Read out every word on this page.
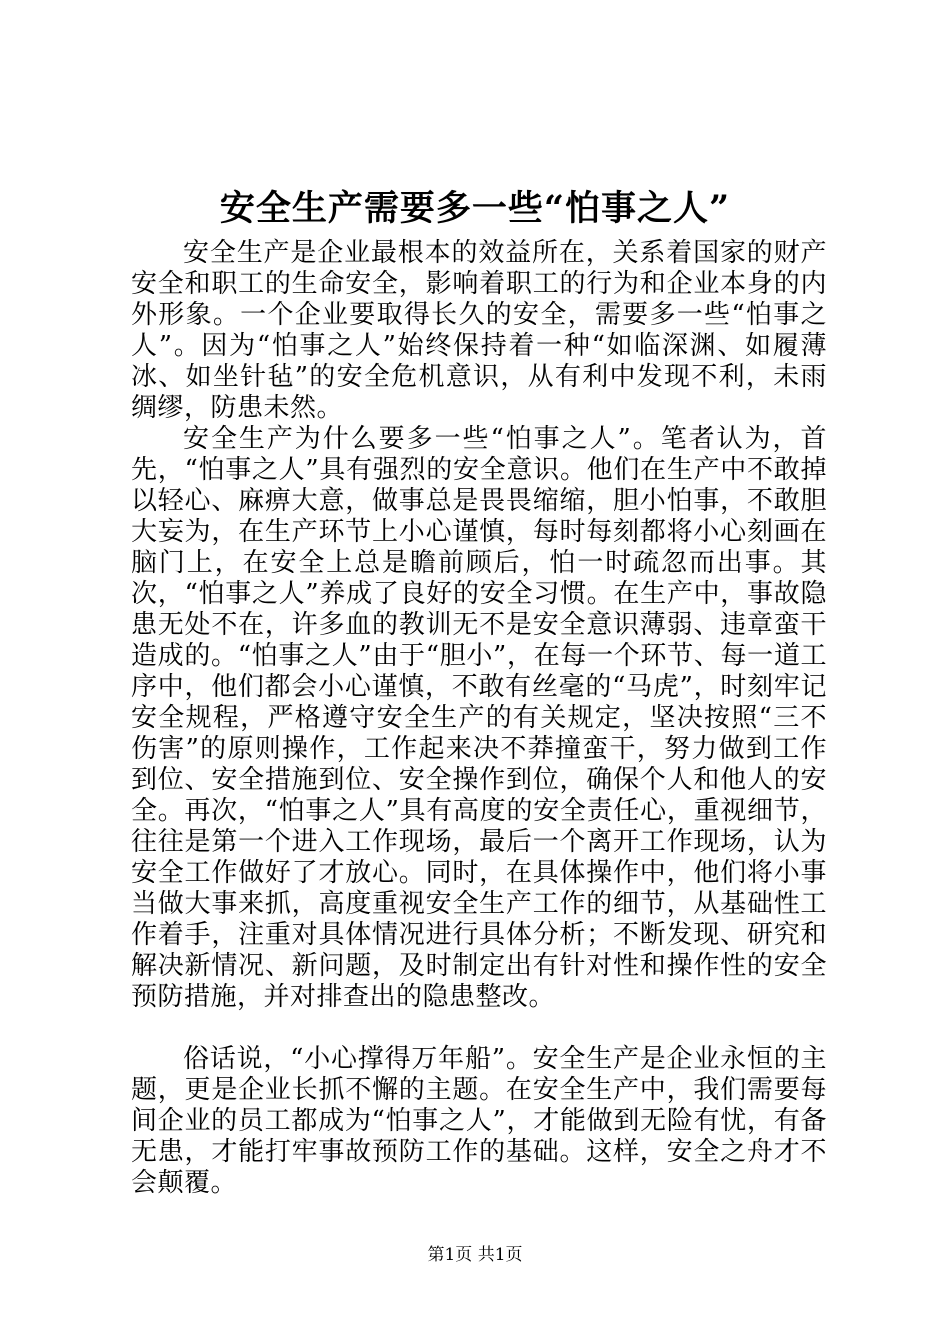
安全生产需要多一些“怕事之人”

安全生产是企业最根本的效益所在，关系着国家的财产安全和职工的生命安全，影响着职工的行为和企业本身的内外形象。一个企业要取得长久的安全，需要多一些“怕事之人”。因为“怕事之人”始终保持着一种“如临深渊、如履薄冰、如坐针毡”的安全危机意识，从有利中发现不利，未雨绸缪，防患未然。

安全生产为什么要多一些“怕事之人”。笔者认为，首先，“怕事之人”具有强烈的安全意识。他们在生产中不敢掉以轻心、麻痹大意，做事总是畏畏缩缩，胆小怕事，不敢胆大妄为，在生产环节上小心谨慎，每时每刻都将小心刻画在脑门上，在安全上总是瞻前顾后，怕一时疏忽而出事。其次，“怕事之人”养成了良好的安全习惯。在生产中，事故隐患无处不在，许多血的教训无不是安全意识薄弱、违章蛮干造成的。“怕事之人”由于“胆小”，在每一个环节、每一道工序中，他们都会小心谨慎，不敢有丝毫的“马虎”，时刻牢记安全规程，严格遵守安全生产的有关规定，坚决按照“三不伤害”的原则操作，工作起来决不莽撞蛮干，努力做到工作到位、安全措施到位、安全操作到位，确保个人和他人的安全。再次，“怕事之人”具有高度的安全责任心，重视细节，往往是第一个进入工作现场，最后一个离开工作现场，认为安全工作做好了才放心。同时，在具体操作中，他们将小事当做大事来抓，高度重视安全生产工作的细节，从基础性工作着手，注重对具体情况进行具体分析；不断发现、研究和解决新情况、新问题，及时制定出有针对性和操作性的安全预防措施，并对排查出的隐患整改。

俗话说，“小心撑得万年船”。安全生产是企业永恒的主题，更是企业长抓不懈的主题。在安全生产中，我们需要每间企业的员工都成为“怕事之人”，才能做到无险有忧，有备无患，才能打牢事故预防工作的基础。这样，安全之舟才不会颠覆。

第1页 共1页
